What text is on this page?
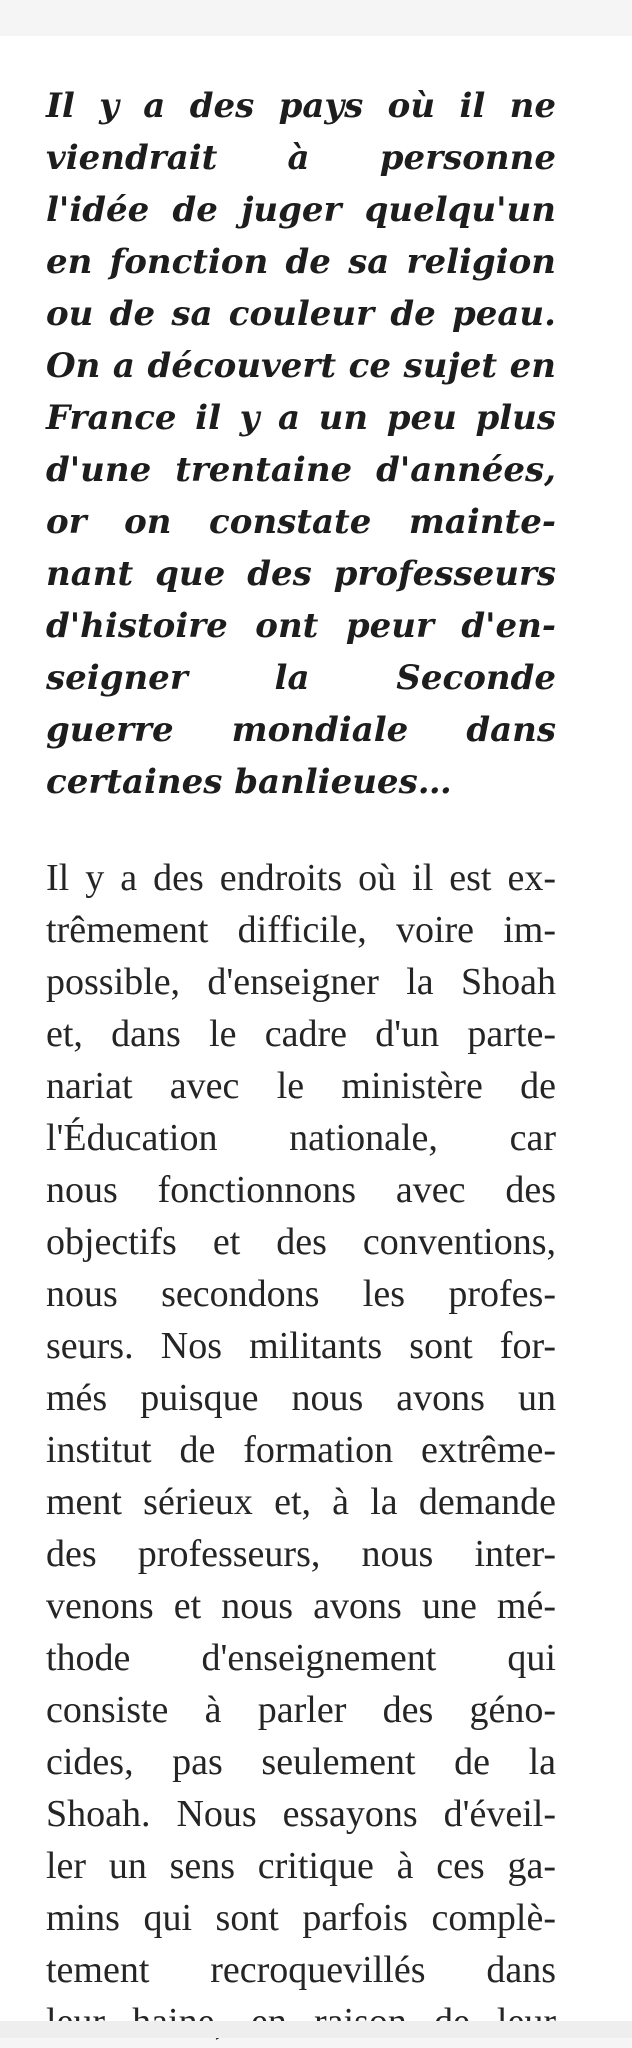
Il y a des pays où il ne
viendrait à personne
l'idée de juger quelqu'un
en fonction de sa religion
ou de sa couleur de peau.
On a découvert ce sujet en
France il y a un peu plus
d'une trentaine d'années,
or on constate mainte-
nant que des professeurs
d'histoire ont peur d'en-
seigner la Seconde
guerre mondiale dans
certaines banlieues…

Il y a des endroits où il est ex-
trêmement difficile, voire im-
possible, d'enseigner la Shoah
et, dans le cadre d'un parte-
nariat avec le ministère de
l'Éducation nationale, car
nous fonctionnons avec des
objectifs et des conventions,
nous secondons les profes-
seurs. Nos militants sont for-
més puisque nous avons un
institut de formation extrême-
ment sérieux et, à la demande
des professeurs, nous inter-
venons et nous avons une mé-
thode d'enseignement qui
consiste à parler des géno-
cides, pas seulement de la
Shoah. Nous essayons d'éveil-
ler un sens critique à ces ga-
mins qui sont parfois complè-
tement recroquevillés dans
